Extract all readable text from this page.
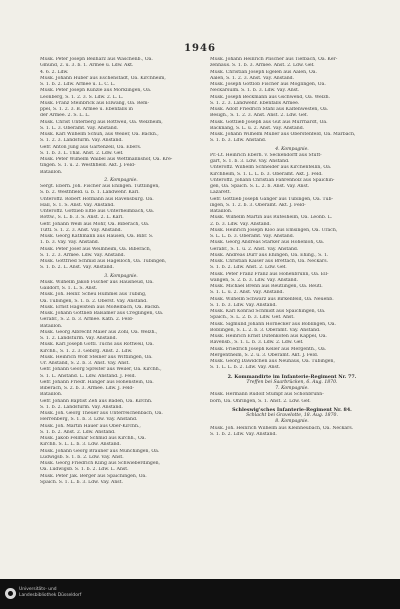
1946
Musk. Peter Joseph Beilharz aus Wäschenb., Oa.
Gmünd, 2. u. 3. b. 1. Armee u. Ldw. Akt.
4. 6. 2. Ldw.
Musk. Johann Huber aus Eschenstadt, Oa. Kirchheim,
S. 1. b. 2. Ldw. Armee u. L. C. L.
Musk. Peter Joseph Künzle aus Mörklingen, Oa.
Leonberg, S. 1. 2. 3. S. Ldw. 2. L. L.
Musk. Franz Steinbrick aus Ellwang, Oa. Rem-
ppel, S. 1. 2. 3. B. Armee u. Ebenfalls in
der Armee. 2. S. L. L.
Musk. Christ Unterberg aus Rottweil, Oa. Welzheim,
S. 1. L. 3. Oberamt. Vay. Anstand.
Musk. Karl Wilhelm Schuh, aus Weiler, Oa. Backn.,
S. 1. 2. 3. Landsturm. Vay. Anstand.
Gefr. Anton Jung aus Gartenzell, Oa. Ebers.
S. 1. b. 3. L. Thal. Anst. 2. Ldw. Gef.
Musk. Peter Wilhelm Waibel aus Wettmannshof, Oa. Kre-
tingen. S. 1. u. 2. Westhfield. Akt. J. Feld-
Bataillon.
2. Kompagnie.
Sergt. Eberh. Joh. Fischer aus Ehingen. Tuttlingen,
S. b. 2. Westhfield. u. b. 1. Landwehr. Karl.
Unteroffz. Robert Hofmann aus Ravensburg. Oa.
Hall, S. 1. S. Anst. Vay. Anstand.
Unteroffz. Gottlieb Eltle aus Unterheimbach, Oa.
Rottw., S. L. b. 3. S. Anst. 2. L. Karl.
Gefr. Johann Weiß aus Möhr, Oa. Biberach, Oa.
Tuttl. S. 1. 2. 3. Anst. Vay. Anstand.
Musk. Georg Kathmann aus Hausen, Oa. Bibr. S.
1. b. 3. Vay. Vay. Anstand.
Musk. Peter Josef aus Weilnheim, Oa. Biberach,
S. 1. 2. 3. Armee. Ldw. Vay. Anstand.
Musk. Gottfried Schmid aus Hagelloch, Oa. Tübingen,
S. 1. b. 2. L. Anst. Vay. Anstand.
3. Kompagnie.
Musk. Wilhelm Jakob Fischer aus Hausneud, Oa.
Gaildorf, S. 1. L. S. Anst.
Musk. Joh. Heinr. Scheu Hummel aus Tübing,
Oa. Tübingen, S. 1. b. 2. Oberst. Vay. Anstand.
Musk. Ernst Hagelstein aus Moßelbach, Oa. Backn.
Musk. Johann Gottlieb Balsamer aus Creglingen, Oa.
Gerabr., S. 2. b. 3. Armee. Kath. 2. Feld-
Bataillon.
Musk. Georg Albrecht Maier aus Zöhl, Oa. Welzh.,
S. 1. 2. Landsturm. Vay. Anstand.
Musk. Karl Joseph Gottl. Tuchs aus Rottweil, Oa.
Kirchh., S. 1. 2. 3. Gebirg. Anst. 2. Ldw.
Musk. Heinrich Wolf Steiner aus Wittlingen, Oa.
Ur. Anstand, S. 2. b. 3. Anst. Vay. Anst.
Gefr. Johann Georg Spreiter aus Weiler, Oa. Kirchh.,
S. 1. L. Anstand. L. Ldw. Anstand. J. Feld.
Gefr. Johann Friedr. Hanger aus Hohenstein, Oa.
Biberach, S. 2. b. 3. Armee. Ldw. J. Feld-
Bataillon.
Gefr. Johann Baptist Zeh aus Baden, Oa. Kirchh.
S. 1. b. 2. Landsturm. Vay. Anstand.
Musk. Joh. Georg Theuer aus Unterreichenbach, Oa.
Herrenberg, S. 1. b. 3. Ldw. Vay. Anstand.
Musk. Joh. Martin Hauer aus Ober-Kirchh.,
S. 1. b. 2. Anst. 2. Ldw. Anstand.
Musk. Jakob Fellmar Schmid aus Kirchh., Oa.
Kirchh. S. L. L. b. 3. Ldw. Anstand.
Musk. Johann Georg Brauner aus Münchingen, Oa.
Ludwigsb. S. 1. b. 2. Ldw. Vay. Anst.
Musk. Georg Friedrich Kling aus Schwieberdingen,
Oa. Ludwigsb. S. 1. b. 2. Ldw. L. Anst.
Musk. Peter Jak. Berger aus Spaichingen, Oa.
Spaich. S. 1. L. b. 3. Ldw. Vay. Anst.
Musk. Johann Heinrich Plischer aus Tiefbach, Oa. Ker-
zenhaus. S. 1. b. 3. Armee. Anst. 2. Ldw. Gef.
Musk. Christian Joseph Egelen aus Aalen, Oa.
Aalen, S. 1. 2. 3. Anst. Vay. Anstand.
Musk. Joseph Gottlob Fischer aus Möglingen, Oa.
Neckarsulm. S. 1. b. 3. Ldw. Vay. Anst.
Musk. Joseph Beckmann aus Gschwend, Oa. Welzh.
S. 1. 2. 3. Landwehr. Ebenfalls Armee.
Musk. Adolf Friedrich Stahl aus Kaltenwesten, Oa.
Besigh., S. 1. 2. 3. Anst. Anst. 2. Ldw. Gef.
Musk. Gottlieb Joseph aus Gut aus Murrhardt, Oa.
Backnang, S. L. u. 2. Anst. Vay. Anstand.
Musk. Johann Wilhelm Müller aus Oberstenfeld, Oa. Marbach,
S. 1. b. 3. Ldw. Anstand.
4. Kompagnie.
Pr.-Lt. Heinrich Eberh. v. Seckendorff aus Stutt-
gart, S. 1. b. 3. Ldw. Vay. Anstand.
Unteroffz. Wilhelm Schneider aus Kirchentellin, Oa.
Kirchheim, S. 1. L. L. b. 3. Oberamt. Akt. J. Feld.
Unteroffz. Johann Christian Fahrenholz aus Spaichin-
gen, Oa. Spaich. S. L. 2. b. Anst. Vay. Anst.
Lazarett.
Gefr. Gottlieb Joseph Ganger aus Tübingen, Oa. Tüb-
ingen, S. 1. 2. b. 3. Oberamt. Akt. J. Feld-
Bataillon.
Musk. Wilhelm Martin aus Rutesheim, Oa. Leonb. L.
2. b. 3. Ldw. Vay. Anstand.
Musk. Heinrich Joseph Kloo aus Emsingen, Oa. Urach,
S. L. L. b. 3. Oberamt. Vay. Anstand.
Musk. Georg Andreas Stärker aus Hohenloh, Oa.
Gerabr., S. 1. u. 2. Anst. Vay. Anstand.
Musk. Andreas Dürr aus Ehingen, Oa. Ehing., S. 1.
Musk. Christian Kaiser aus Brettach, Oa. Neckars.
S. 1. b. 2. Ldw. Anst. 2. Ldw. Gef.
Musk. Peter Franz Franz aus Hohenbrunn, Oa. Ell-
wangen, S. 2. b. 3. Ldw. Vay. Anstand.
Musk. Michael Brenn aus Reutlingen, Oa. Reutl.
S. 1. L. u. 2. Anst. Vay. Anstand.
Musk. Wilhelm Schwarz aus Birkenfeld, Oa. Neuenb.
S. 1. b. 3. Ldw. Vay. Anstand.
Musk. Karl Konrad Schmidt aus Spaichingen, Oa.
Spaich., S. L. 2. b. 3. Ldw. Gef. Anst.
Musk. Sigmund Johann Hornecker aus Böblingen, Oa.
Böblingen, S. L. 2. b. 3. Oberamt. Vay. Anstand.
Musk. Heinrich Ernst Dutenkofen aus Kappel, Oa.
Ravensb., S. 1. L. b. 3. Ldw. 2. Ldw. Gef.
Musk. Friedrich Joseph Keller aus Mergenth., Oa.
Mergentheim, S. 2. u. 3. Oberamt. Akt. J. Feld.
Musk. Georg Dawidchen aus Neuhaus, Oa. Tübingen,
S. 1. L. L. b. 2. Ldw. Vay. Anst.
2. Kommandirte im Infanterie-Regiment Nr. 77.
Treffen bei Saarbrücken, 6. Aug. 1870.
7. Kompagnie.
Musk. Hermann Rudolf Stumpf aus Schönbrunn-
born, Oa. Öhringen, S. 1. Anst. 2. Ldw. Gef.
Schleswig'sches Infanterie-Regiment Nr. 84.
Schlacht bei Gravelotte, 18. Aug. 1870.
8. Kompagnie.
Musk. Joh. Heinrich Wilhelm aus Kleinheubach, Oa. Neckars.
S. 1. b. 2. Ldw. Vay. Anstand.
Universitäts- und
Landesbibliothek Düsseldorf
